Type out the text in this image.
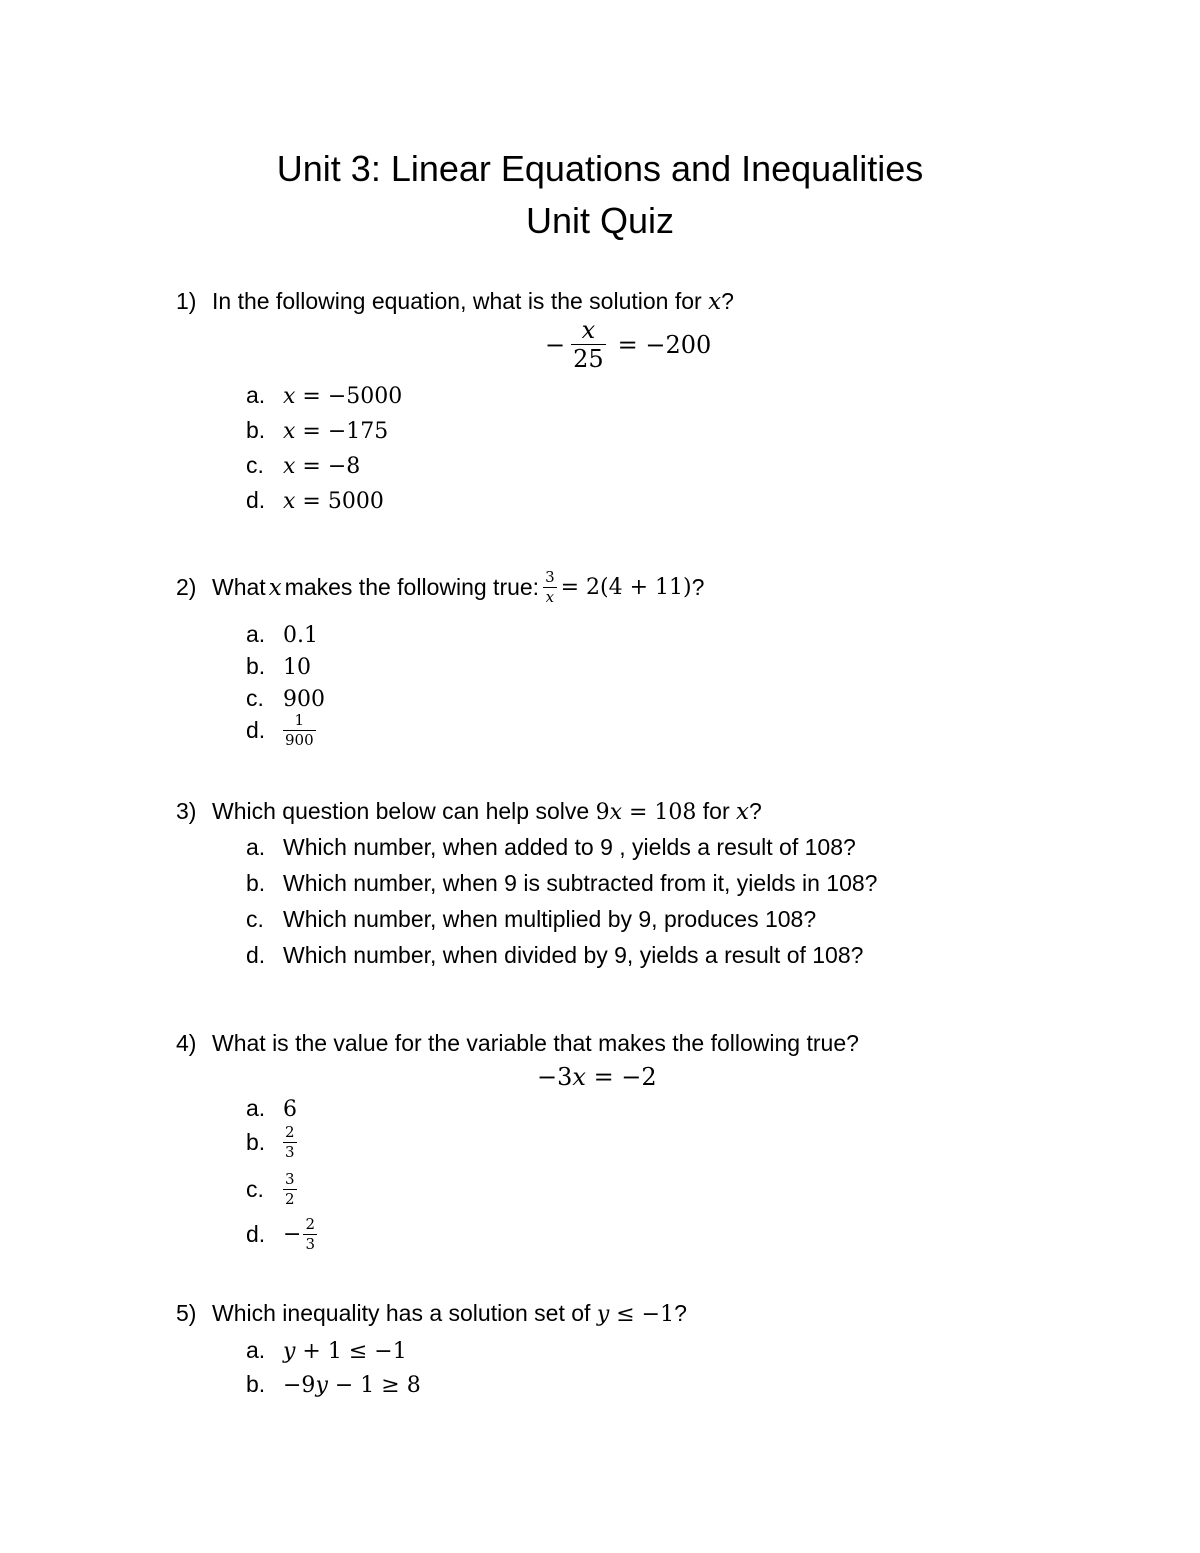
Unit 3: Linear Equations and Inequalities
Unit Quiz
1) In the following equation, what is the solution for x?
− $\frac{x}{25} = -200$
a. x = −5000
b. x = −175
c. x = −8
d. x = 5000
2) What x makes the following true: $\frac{3}{x} = 2(4 + 11)$ ?
a. 0.1
b. 10
c. 900
d.	$\frac{1}{900}$
3) Which question below can help solve 9x = 108 for x?
a. Which number, when added to 9 , yields a result of 108?
b. Which number, when 9 is subtracted from it, yields in 108?
c. Which number, when multiplied by 9, produces 108?
d. Which number, when divided by 9, yields a result of 108?
4) What is the value for the variable that makes the following true?
−3x = −2
a. 6
b.	$\frac{2}{3}$
c.	$\frac{3}{2}$
d. − $\frac{2}{3}$
5) Which inequality has a solution set of y ≤ −1?
a. y + 1 ≤ −1
b. −9y − 1 ≥ 8
